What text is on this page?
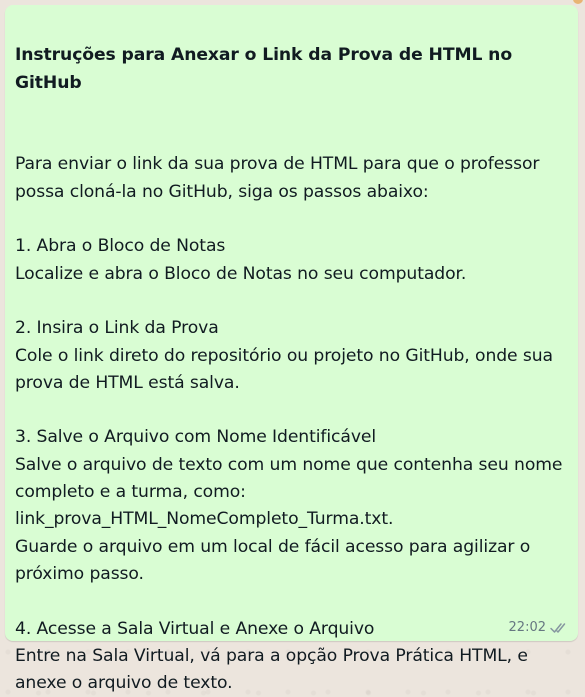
Instruções para Anexar o Link da Prova de HTML no GitHub

Para enviar o link da sua prova de HTML para que o professor possa cloná-la no GitHub, siga os passos abaixo:

1. Abra o Bloco de Notas
Localize e abra o Bloco de Notas no seu computador.

2. Insira o Link da Prova
Cole o link direto do repositório ou projeto no GitHub, onde sua prova de HTML está salva.

3. Salve o Arquivo com Nome Identificável
Salve o arquivo de texto com um nome que contenha seu nome completo e a turma, como:
link_prova_HTML_NomeCompleto_Turma.txt.
Guarde o arquivo em um local de fácil acesso para agilizar o próximo passo.

4. Acesse a Sala Virtual e Anexe o Arquivo
Entre na Sala Virtual, vá para a opção Prova Prática HTML, e anexe o arquivo de texto.

22:02
